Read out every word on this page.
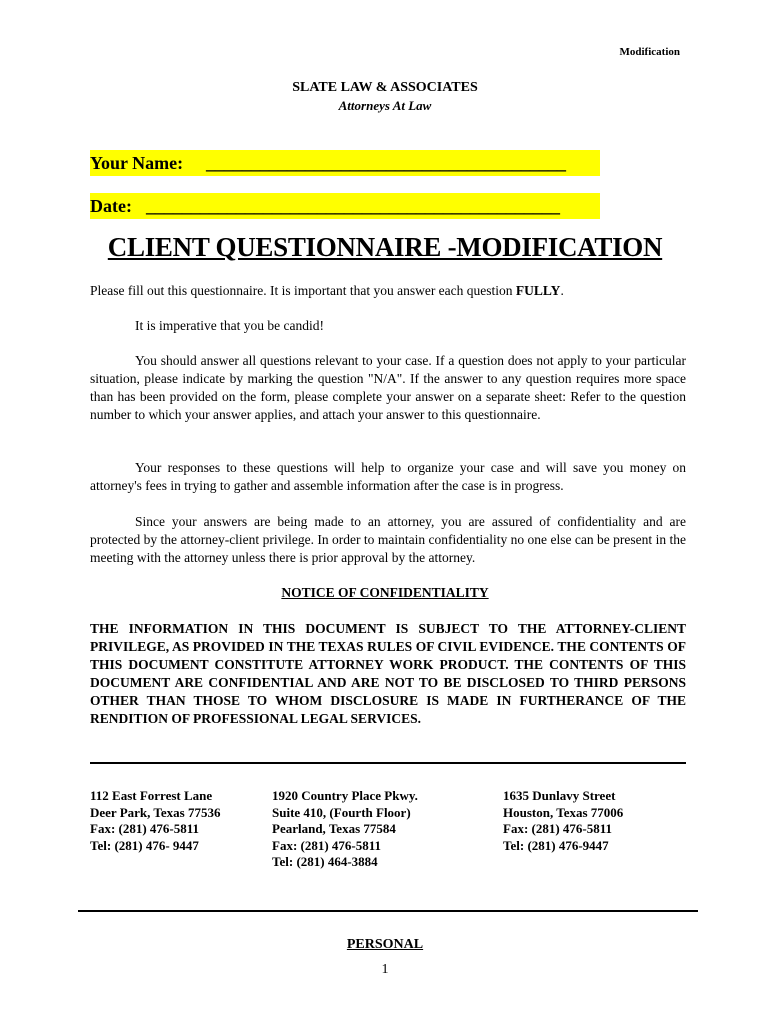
Modification
SLATE LAW & ASSOCIATES
Attorneys At Law
Your Name: ________________________________________
Date: ______________________________________________
CLIENT QUESTIONNAIRE -MODIFICATION
Please fill out this questionnaire. It is important that you answer each question FULLY.
It is imperative that you be candid!
You should answer all questions relevant to your case. If a question does not apply to your particular situation, please indicate by marking the question "N/A". If the answer to any question requires more space than has been provided on the form, please complete your answer on a separate sheet: Refer to the question number to which your answer applies, and attach your answer to this questionnaire.
Your responses to these questions will help to organize your case and will save you money on attorney's fees in trying to gather and assemble information after the case is in progress.
Since your answers are being made to an attorney, you are assured of confidentiality and are protected by the attorney-client privilege. In order to maintain confidentiality no one else can be present in the meeting with the attorney unless there is prior approval by the attorney.
NOTICE OF CONFIDENTIALITY
THE INFORMATION IN THIS DOCUMENT IS SUBJECT TO THE ATTORNEY-CLIENT PRIVILEGE, AS PROVIDED IN THE TEXAS RULES OF CIVIL EVIDENCE. THE CONTENTS OF THIS DOCUMENT CONSTITUTE ATTORNEY WORK PRODUCT. THE CONTENTS OF THIS DOCUMENT ARE CONFIDENTIAL AND ARE NOT TO BE DISCLOSED TO THIRD PERSONS OTHER THAN THOSE TO WHOM DISCLOSURE IS MADE IN FURTHERANCE OF THE RENDITION OF PROFESSIONAL LEGAL SERVICES.
112 East Forrest Lane
Deer Park, Texas 77536
Fax: (281) 476-5811
Tel: (281) 476- 9447
1920 Country Place Pkwy.
Suite 410, (Fourth Floor)
Pearland, Texas 77584
Fax: (281) 476-5811
Tel: (281) 464-3884
1635 Dunlavy Street
Houston, Texas 77006
Fax: (281) 476-5811
Tel: (281) 476-9447
PERSONAL
1
